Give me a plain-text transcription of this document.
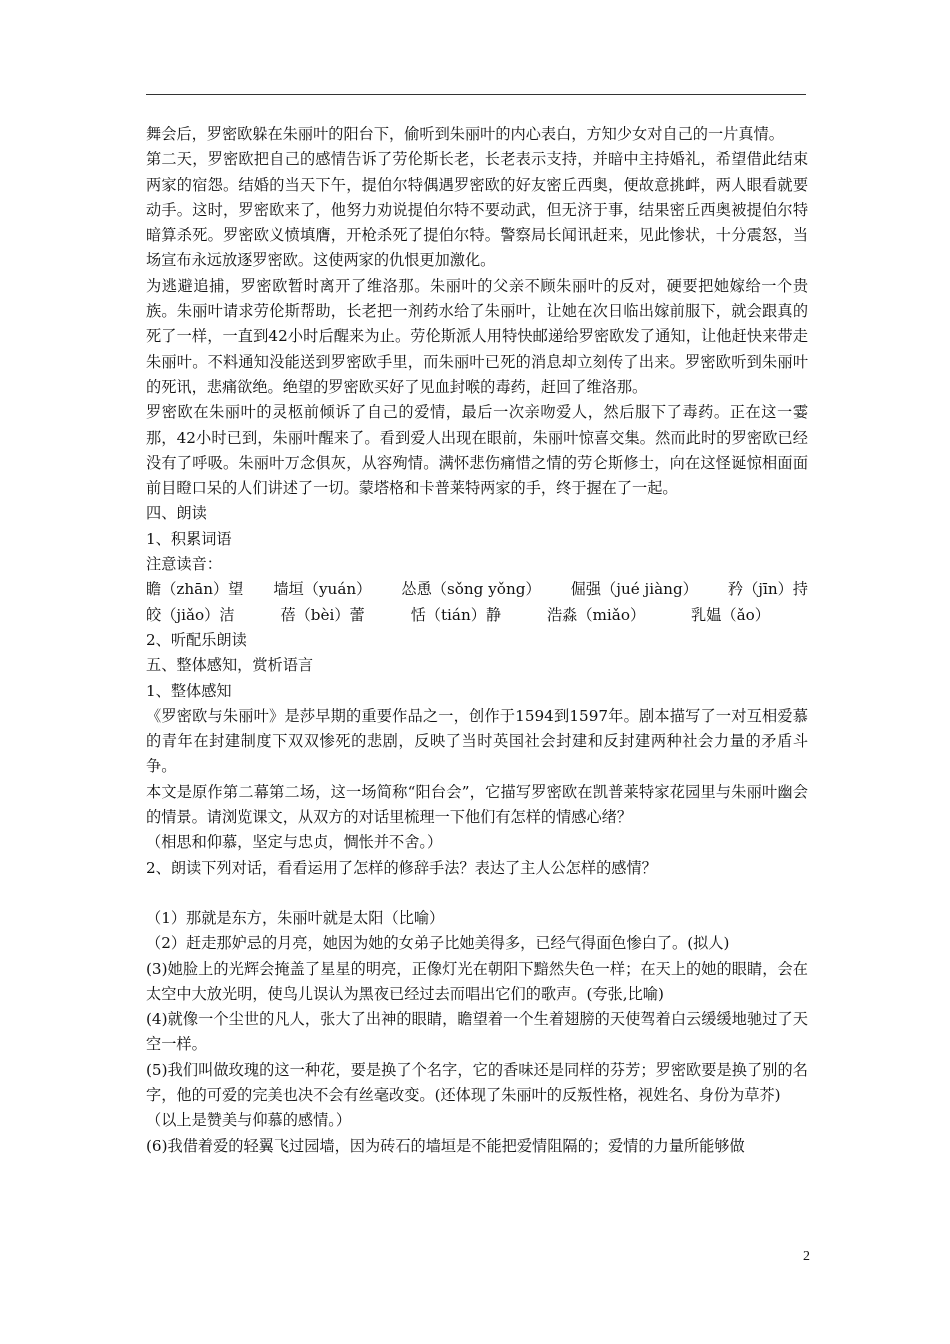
舞会后，罗密欧躲在朱丽叶的阳台下，偷听到朱丽叶的内心表白，方知少女对自己的一片真情。

第二天，罗密欧把自己的感情告诉了劳伦斯长老，长老表示支持，并暗中主持婚礼，希望借此结束两家的宿怨。结婚的当天下午，提伯尔特偶遇罗密欧的好友密丘西奥，便故意挑衅，两人眼看就要动手。这时，罗密欧来了，他努力劝说提伯尔特不要动武，但无济于事，结果密丘西奥被提伯尔特暗算杀死。罗密欧义愤填膺，开枪杀死了提伯尔特。警察局长闻讯赶来，见此惨状，十分震怒，当场宣布永远放逐罗密欧。这使两家的仇恨更加激化。

为逃避追捕，罗密欧暂时离开了维洛那。朱丽叶的父亲不顾朱丽叶的反对，硬要把她嫁给一个贵族。朱丽叶请求劳伦斯帮助，长老把一剂药水给了朱丽叶，让她在次日临出嫁前服下，就会跟真的死了一样，一直到42小时后醒来为止。劳伦斯派人用特快邮递给罗密欧发了通知，让他赶快来带走朱丽叶。不料通知没能送到罗密欧手里，而朱丽叶已死的消息却立刻传了出来。罗密欧听到朱丽叶的死讯，悲痛欲绝。绝望的罗密欧买好了见血封喉的毒药，赶回了维洛那。

罗密欧在朱丽叶的灵柩前倾诉了自己的爱情，最后一次亲吻爱人，然后服下了毒药。正在这一霎那，42小时已到，朱丽叶醒来了。看到爱人出现在眼前，朱丽叶惊喜交集。然而此时的罗密欧已经没有了呼吸。朱丽叶万念俱灰，从容殉情。满怀悲伤痛惜之情的劳仑斯修士，向在这怪诞惊相面面前目瞪口呆的人们讲述了一切。蒙塔格和卡普莱特两家的手，终于握在了一起。

四、朗读

1、积累词语

注意读音：

瞻（zhān）望 墙垣（yuán） 怂恿（sǒng yǒng） 倔强（jué jiàng） 矜（jīn）持
皎（jiǎo）洁	蓓（bèi）蕾	恬（tián）静	浩淼（miǎo）	乳媪（ǎo）

2、听配乐朗读

五、整体感知，赏析语言

1、整体感知

《罗密欧与朱丽叶》是莎早期的重要作品之一，创作于1594到1597年。剧本描写了一对互相爱慕的青年在封建制度下双双惨死的悲剧，反映了当时英国社会封建和反封建两种社会力量的矛盾斗争。

本文是原作第二幕第二场，这一场简称“阳台会”，它描写罗密欧在凯普莱特家花园里与朱丽叶幽会的情景。请浏览课文，从双方的对话里梳理一下他们有怎样的情感心绪？

（相思和仰慕，坚定与忠贞，惆怅并不舍。）

2、朗读下列对话，看看运用了怎样的修辞手法？表达了主人公怎样的感情？

（1）那就是东方，朱丽叶就是太阳（比喻）

（2）赶走那妒忌的月亮，她因为她的女弟子比她美得多，已经气得面色惨白了。(拟人)

(3)她脸上的光辉会掩盖了星星的明亮，正像灯光在朝阳下黯然失色一样；在天上的她的眼睛，会在太空中大放光明，使鸟儿误认为黑夜已经过去而唱出它们的歌声。(夸张,比喻)

(4)就像一个尘世的凡人，张大了出神的眼睛，瞻望着一个生着翅膀的天使驾着白云缓缓地驰过了天空一样。

(5)我们叫做玫瑰的这一种花，要是换了个名字，它的香味还是同样的芬芳；罗密欧要是换了别的名字，他的可爱的完美也决不会有丝毫改变。(还体现了朱丽叶的反叛性格，视姓名、身份为草芥)

（以上是赞美与仰慕的感情。）

(6)我借着爱的轻翼飞过园墙，因为砖石的墙垣是不能把爱情阻隔的；爱情的力量所能够做

2
